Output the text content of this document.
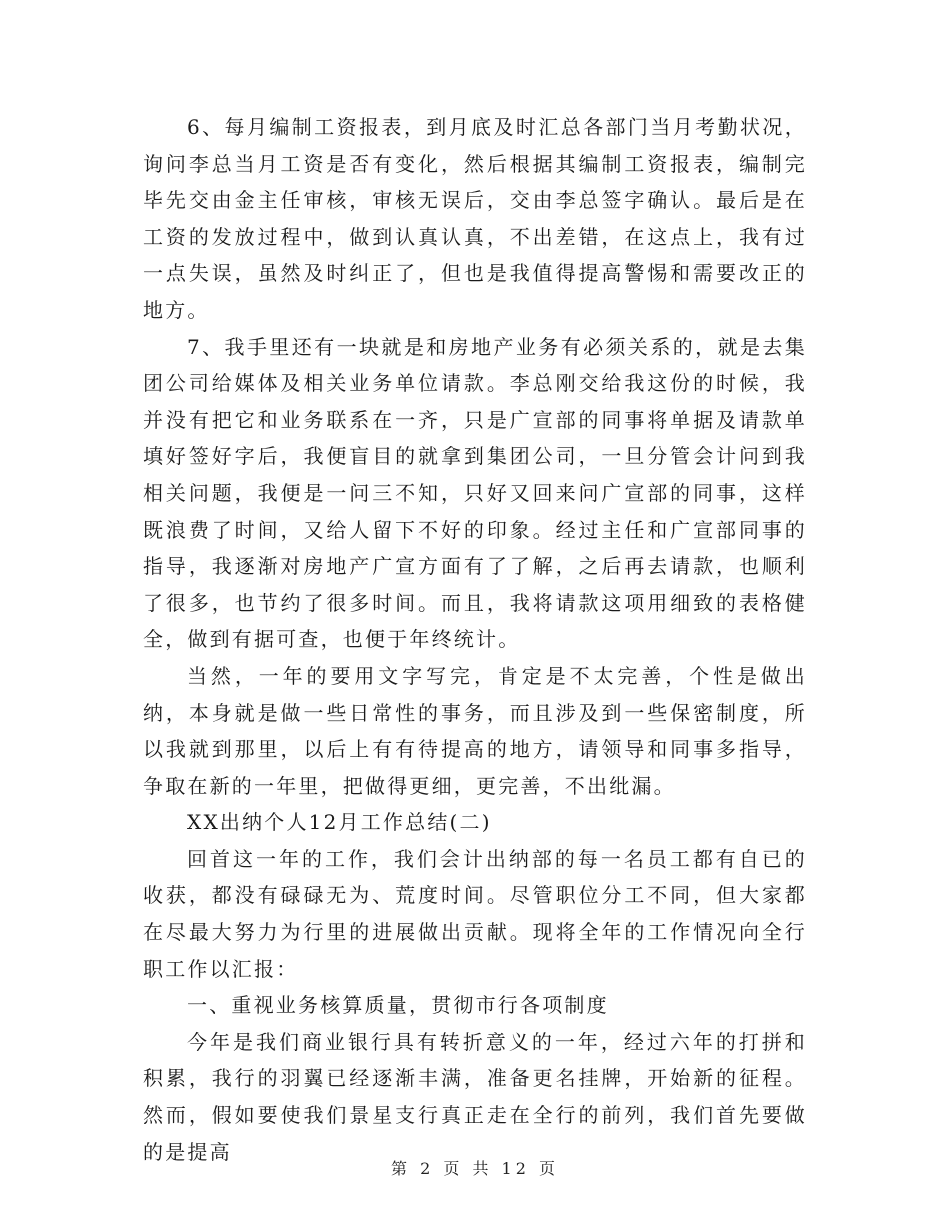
6、每月编制工资报表，到月底及时汇总各部门当月考勤状况，询问李总当月工资是否有变化，然后根据其编制工资报表，编制完毕先交由金主任审核，审核无误后，交由李总签字确认。最后是在工资的发放过程中，做到认真认真，不出差错，在这点上，我有过一点失误，虽然及时纠正了，但也是我值得提高警惕和需要改正的地方。

7、我手里还有一块就是和房地产业务有必须关系的，就是去集团公司给媒体及相关业务单位请款。李总刚交给我这份的时候，我并没有把它和业务联系在一齐，只是广宣部的同事将单据及请款单填好签好字后，我便盲目的就拿到集团公司，一旦分管会计问到我相关问题，我便是一问三不知，只好又回来问广宣部的同事，这样既浪费了时间，又给人留下不好的印象。经过主任和广宣部同事的指导，我逐渐对房地产广宣方面有了了解，之后再去请款，也顺利了很多，也节约了很多时间。而且，我将请款这项用细致的表格健全，做到有据可查，也便于年终统计。

当然，一年的要用文字写完，肯定是不太完善，个性是做出纳，本身就是做一些日常性的事务，而且涉及到一些保密制度，所以我就到那里，以后上有有待提高的地方，请领导和同事多指导，争取在新的一年里，把做得更细，更完善，不出纰漏。

XX出纳个人12月工作总结(二)

回首这一年的工作，我们会计出纳部的每一名员工都有自已的收获，都没有碌碌无为、荒度时间。尽管职位分工不同，但大家都在尽最大努力为行里的进展做出贡献。现将全年的工作情况向全行职工作以汇报：

一、重视业务核算质量，贯彻市行各项制度

今年是我们商业银行具有转折意义的一年，经过六年的打拼和积累，我行的羽翼已经逐渐丰满，准备更名挂牌，开始新的征程。然而，假如要使我们景星支行真正走在全行的前列，我们首先要做的是提高

第 2 页 共 12 页
